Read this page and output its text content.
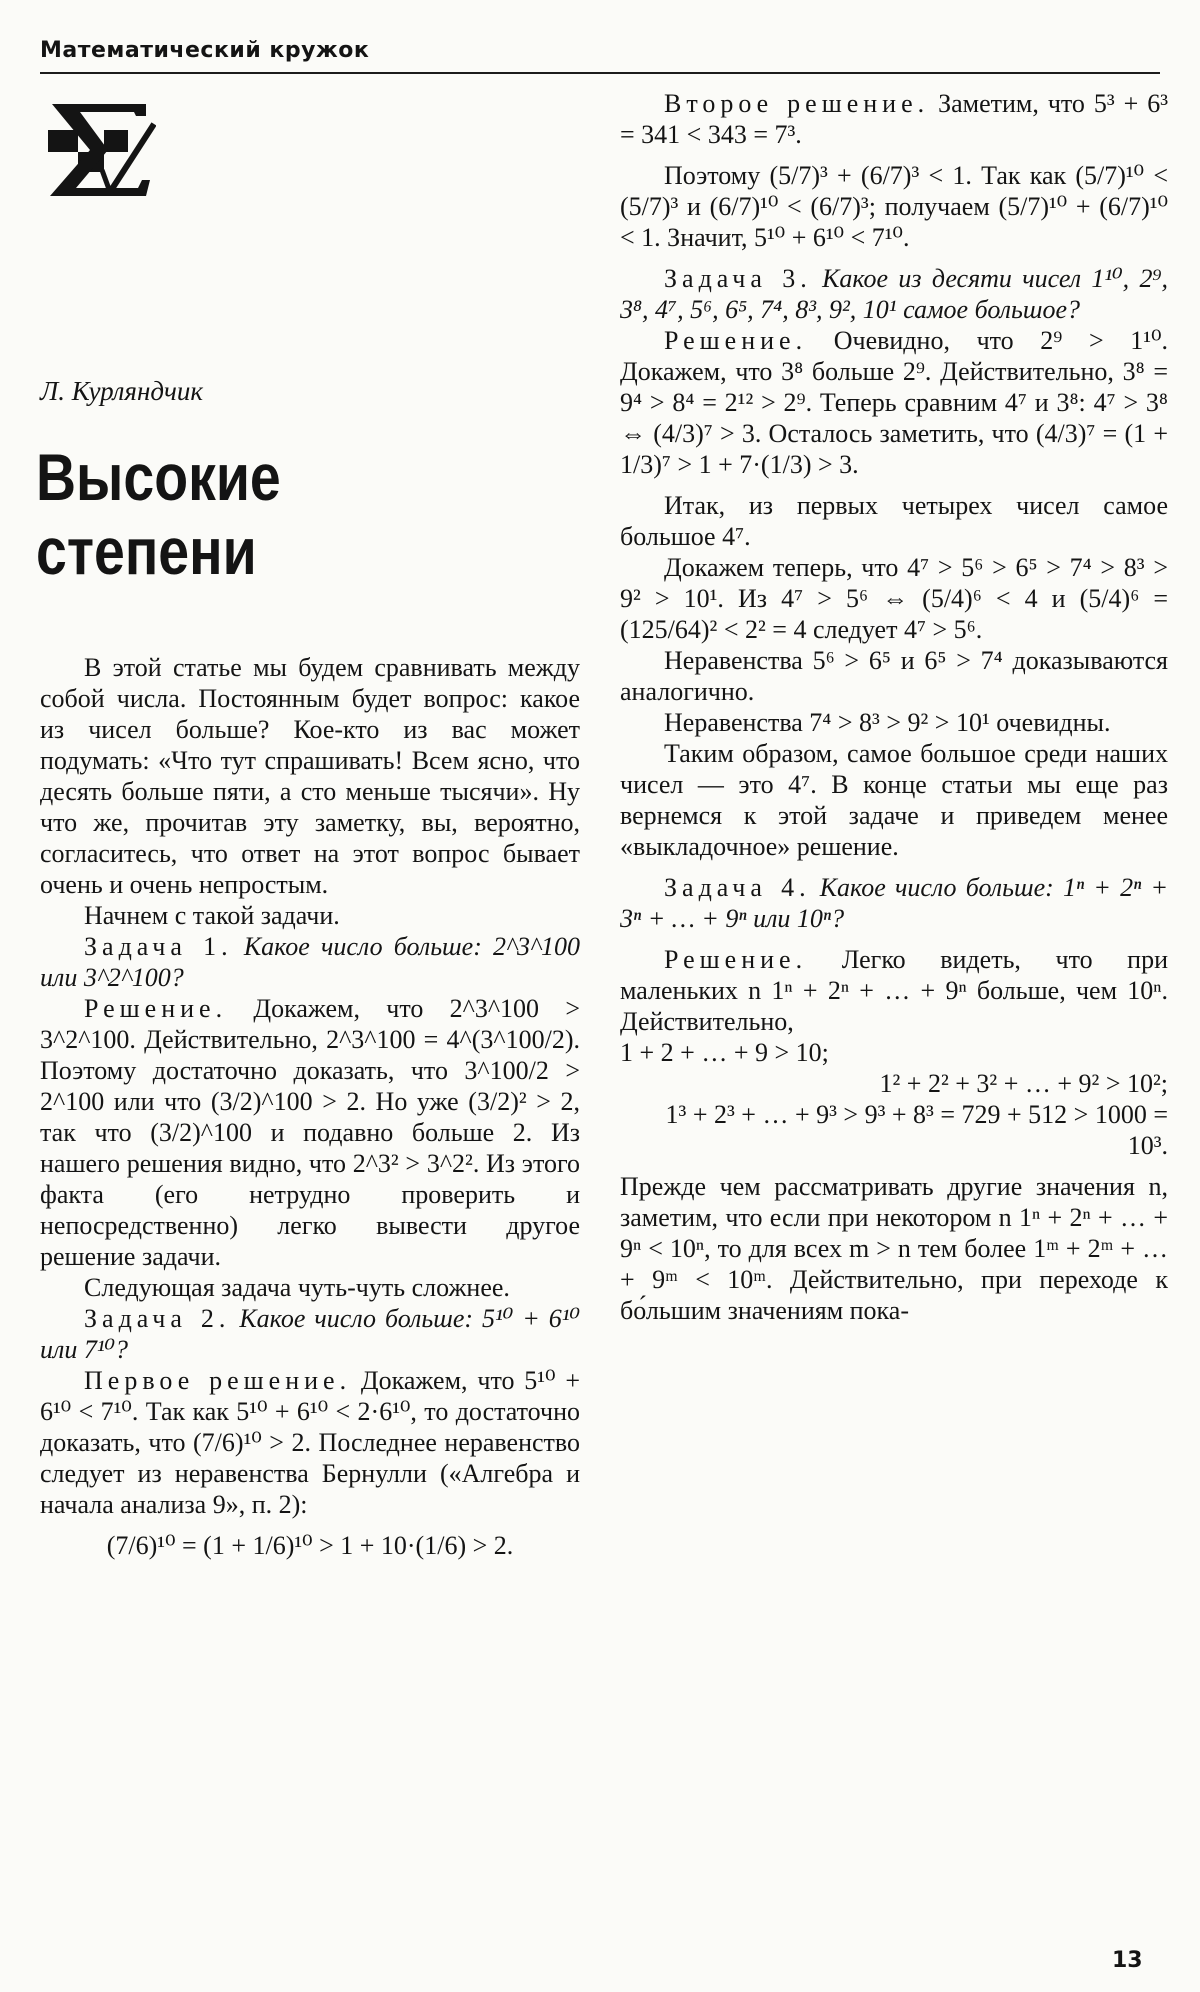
Математический кружок
Л. Курляндчик
Высокие
степени

В этой статье мы будем сравнивать между собой числа. Постоянным будет вопрос: какое из чисел больше? Кое-кто из вас может подумать: «Что тут спрашивать! Всем ясно, что десять больше пяти, а сто меньше тысячи». Ну что же, прочитав эту заметку, вы, вероятно, согласитесь, что ответ на этот вопрос бывает очень и очень непростым.

Начнем с такой задачи.

Задача 1. Какое число больше: 2^3^100 или 3^2^100?

Решение. Докажем, что 2^3^100 > 3^2^100. Действительно, 2^3^100 = 4^(3^100/2). Поэтому достаточно доказать, что 3^100/2 > 2^100 или что (3/2)^100 > 2. Но уже (3/2)² > 2, так что (3/2)^100 и подавно больше 2. Из нашего решения видно, что 2^3² > 3^2². Из этого факта (его нетрудно проверить и непосредственно) легко вывести другое решение задачи.

Следующая задача чуть-чуть сложнее.

Задача 2. Какое число больше: 5¹⁰ + 6¹⁰ или 7¹⁰?

Первое решение. Докажем, что 5¹⁰ + 6¹⁰ < 7¹⁰. Так как 5¹⁰ + 6¹⁰ < 2·6¹⁰, то достаточно доказать, что (7/6)¹⁰ > 2. Последнее неравенство следует из неравенства Бернулли («Алгебра и начала анализа 9», п. 2):

(7/6)¹⁰ = (1 + 1/6)¹⁰ > 1 + 10·(1/6) > 2.

Второе решение. Заметим, что 5³ + 6³ = 341 < 343 = 7³.

Поэтому (5/7)³ + (6/7)³ < 1. Так как (5/7)¹⁰ < (5/7)³ и (6/7)¹⁰ < (6/7)³; получаем (5/7)¹⁰ + (6/7)¹⁰ < 1. Значит, 5¹⁰ + 6¹⁰ < 7¹⁰.

Задача 3. Какое из десяти чисел 1¹⁰, 2⁹, 3⁸, 4⁷, 5⁶, 6⁵, 7⁴, 8³, 9², 10¹ самое большое?

Решение. Очевидно, что 2⁹ > 1¹⁰. Докажем, что 3⁸ больше 2⁹. Действительно, 3⁸ = 9⁴ > 8⁴ = 2¹² > 2⁹. Теперь сравним 4⁷ и 3⁸: 4⁷ > 3⁸ ⇔ (4/3)⁷ > 3. Осталось заметить, что (4/3)⁷ = (1 + 1/3)⁷ > 1 + 7·(1/3) > 3.

Итак, из первых четырех чисел самое большое 4⁷.

Докажем теперь, что 4⁷ > 5⁶ > 6⁵ > 7⁴ > 8³ > 9² > 10¹. Из 4⁷ > 5⁶ ⇔ (5/4)⁶ < 4 и (5/4)⁶ = (125/64)² < 2² = 4 следует 4⁷ > 5⁶.

Неравенства 5⁶ > 6⁵ и 6⁵ > 7⁴ доказываются аналогично.

Неравенства 7⁴ > 8³ > 9² > 10¹ очевидны.

Таким образом, самое большое среди наших чисел — это 4⁷. В конце статьи мы еще раз вернемся к этой задаче и приведем менее «выкладочное» решение.

Задача 4. Какое число больше: 1ⁿ + 2ⁿ + 3ⁿ + … + 9ⁿ или 10ⁿ?

Решение. Легко видеть, что при маленьких n 1ⁿ + 2ⁿ + … + 9ⁿ больше, чем 10ⁿ. Действительно,

1 + 2 + … + 9 > 10;

1² + 2² + 3² + … + 9² > 10²;

1³ + 2³ + … + 9³ > 9³ + 8³ = 729 + 512 > 1000 = 10³.

Прежде чем рассматривать другие значения n, заметим, что если при некотором n 1ⁿ + 2ⁿ + … + 9ⁿ < 10ⁿ, то для всех m > n тем более 1ᵐ + 2ᵐ + … + 9ᵐ < 10ᵐ. Действительно, при переходе к бо́льшим значениям пока-

13
